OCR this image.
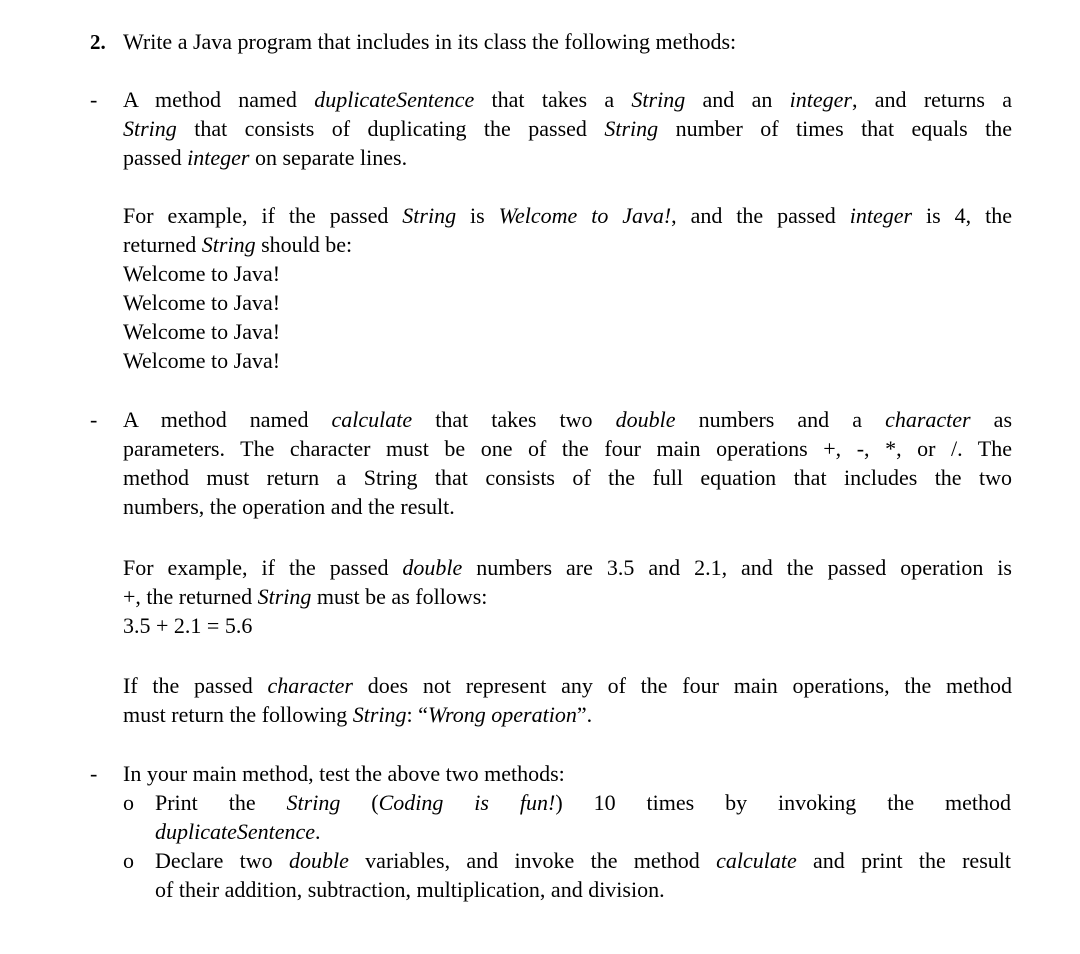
2. Write a Java program that includes in its class the following methods:
- A method named duplicateSentence that takes a String and an integer, and returns a
String that consists of duplicating the passed String number of times that equals the
passed integer on separate lines.
For example, if the passed String is Welcome to Java!, and the passed integer is 4, the
returned String should be:
Welcome to Java!
Welcome to Java!
Welcome to Java!
Welcome to Java!
- A method named calculate that takes two double numbers and a character as
parameters. The character must be one of the four main operations +, -, *, or /. The
method must return a String that consists of the full equation that includes the two
numbers, the operation and the result.
For example, if the passed double numbers are 3.5 and 2.1, and the passed operation is
+, the returned String must be as follows:
3.5 + 2.1 = 5.6
If the passed character does not represent any of the four main operations, the method
must return the following String: “Wrong operation”.
- In your main method, test the above two methods:
o Print the String (Coding is fun!) 10 times by invoking the method
duplicateSentence.
o Declare two double variables, and invoke the method calculate and print the result
of their addition, subtraction, multiplication, and division.
